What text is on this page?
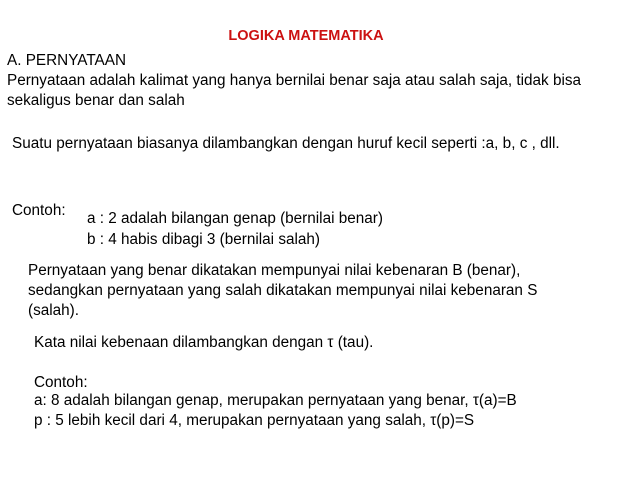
LOGIKA MATEMATIKA
A. PERNYATAAN
Pernyataan adalah kalimat yang hanya bernilai benar saja atau salah saja, tidak bisa
sekaligus benar dan salah
Suatu pernyataan biasanya dilambangkan dengan huruf kecil seperti :a, b, c , dll.
Contoh: a : 2 adalah bilangan genap (bernilai benar)
b : 4 habis dibagi 3 (bernilai salah)
Pernyataan yang benar dikatakan mempunyai nilai kebenaran B (benar),
sedangkan pernyataan yang salah dikatakan mempunyai nilai kebenaran S
(salah).
Kata nilai kebenaan dilambangkan dengan τ (tau).
Contoh:
a: 8 adalah bilangan genap, merupakan pernyataan yang benar, τ(a)=B
p : 5 lebih kecil dari 4, merupakan pernyataan yang salah, τ(p)=S
